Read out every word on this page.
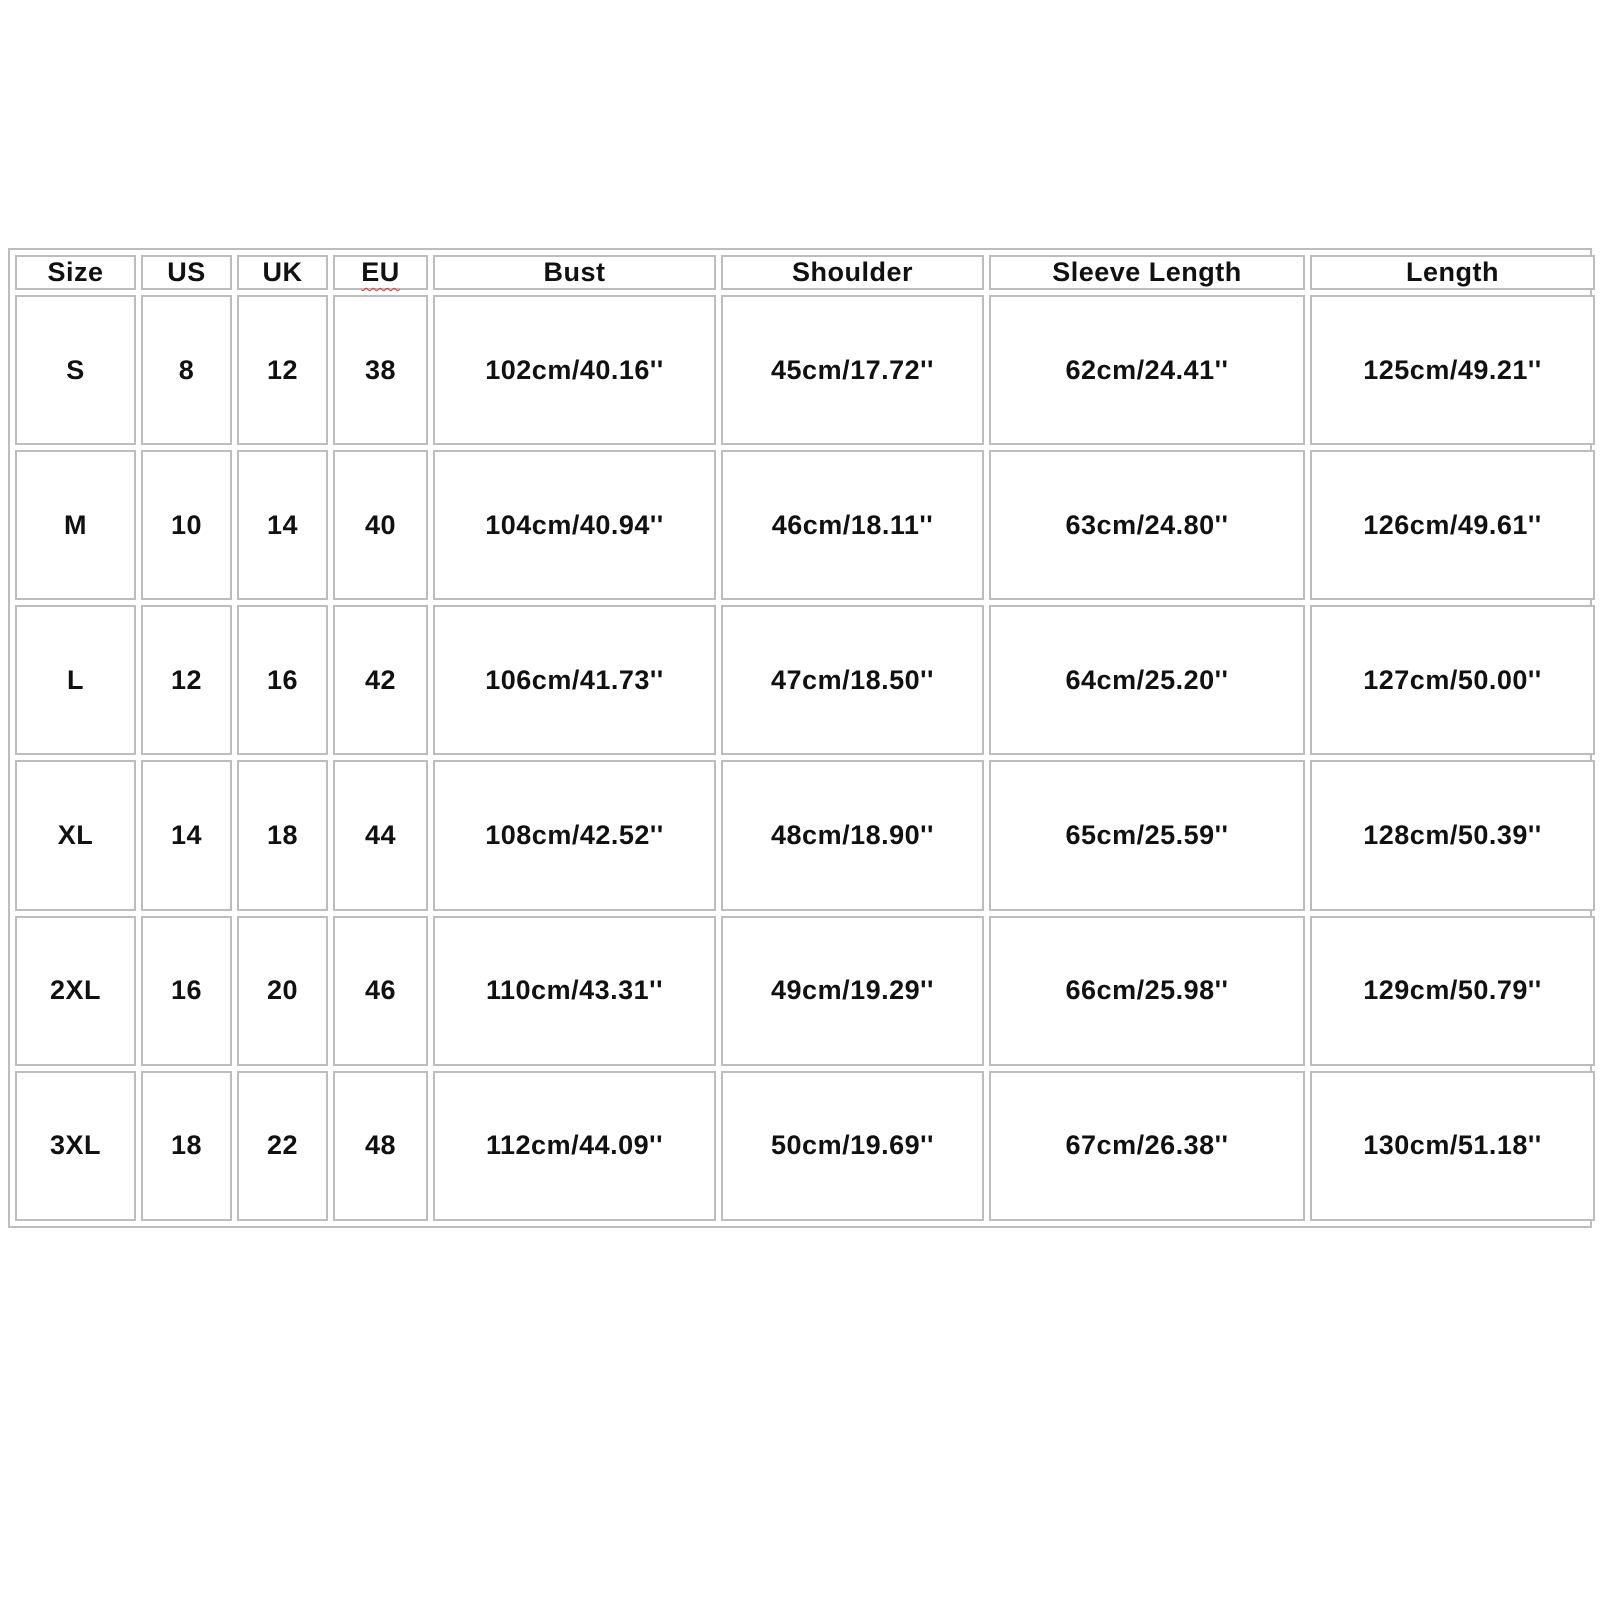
Size	US	UK	EU	Bust	Shoulder	Sleeve Length	Length
S	8	12	38	102cm/40.16''	45cm/17.72''	62cm/24.41''	125cm/49.21''
M	10	14	40	104cm/40.94''	46cm/18.11''	63cm/24.80''	126cm/49.61''
L	12	16	42	106cm/41.73''	47cm/18.50''	64cm/25.20''	127cm/50.00''
XL	14	18	44	108cm/42.52''	48cm/18.90''	65cm/25.59''	128cm/50.39''
2XL	16	20	46	110cm/43.31''	49cm/19.29''	66cm/25.98''	129cm/50.79''
3XL	18	22	48	112cm/44.09''	50cm/19.69''	67cm/26.38''	130cm/51.18''
